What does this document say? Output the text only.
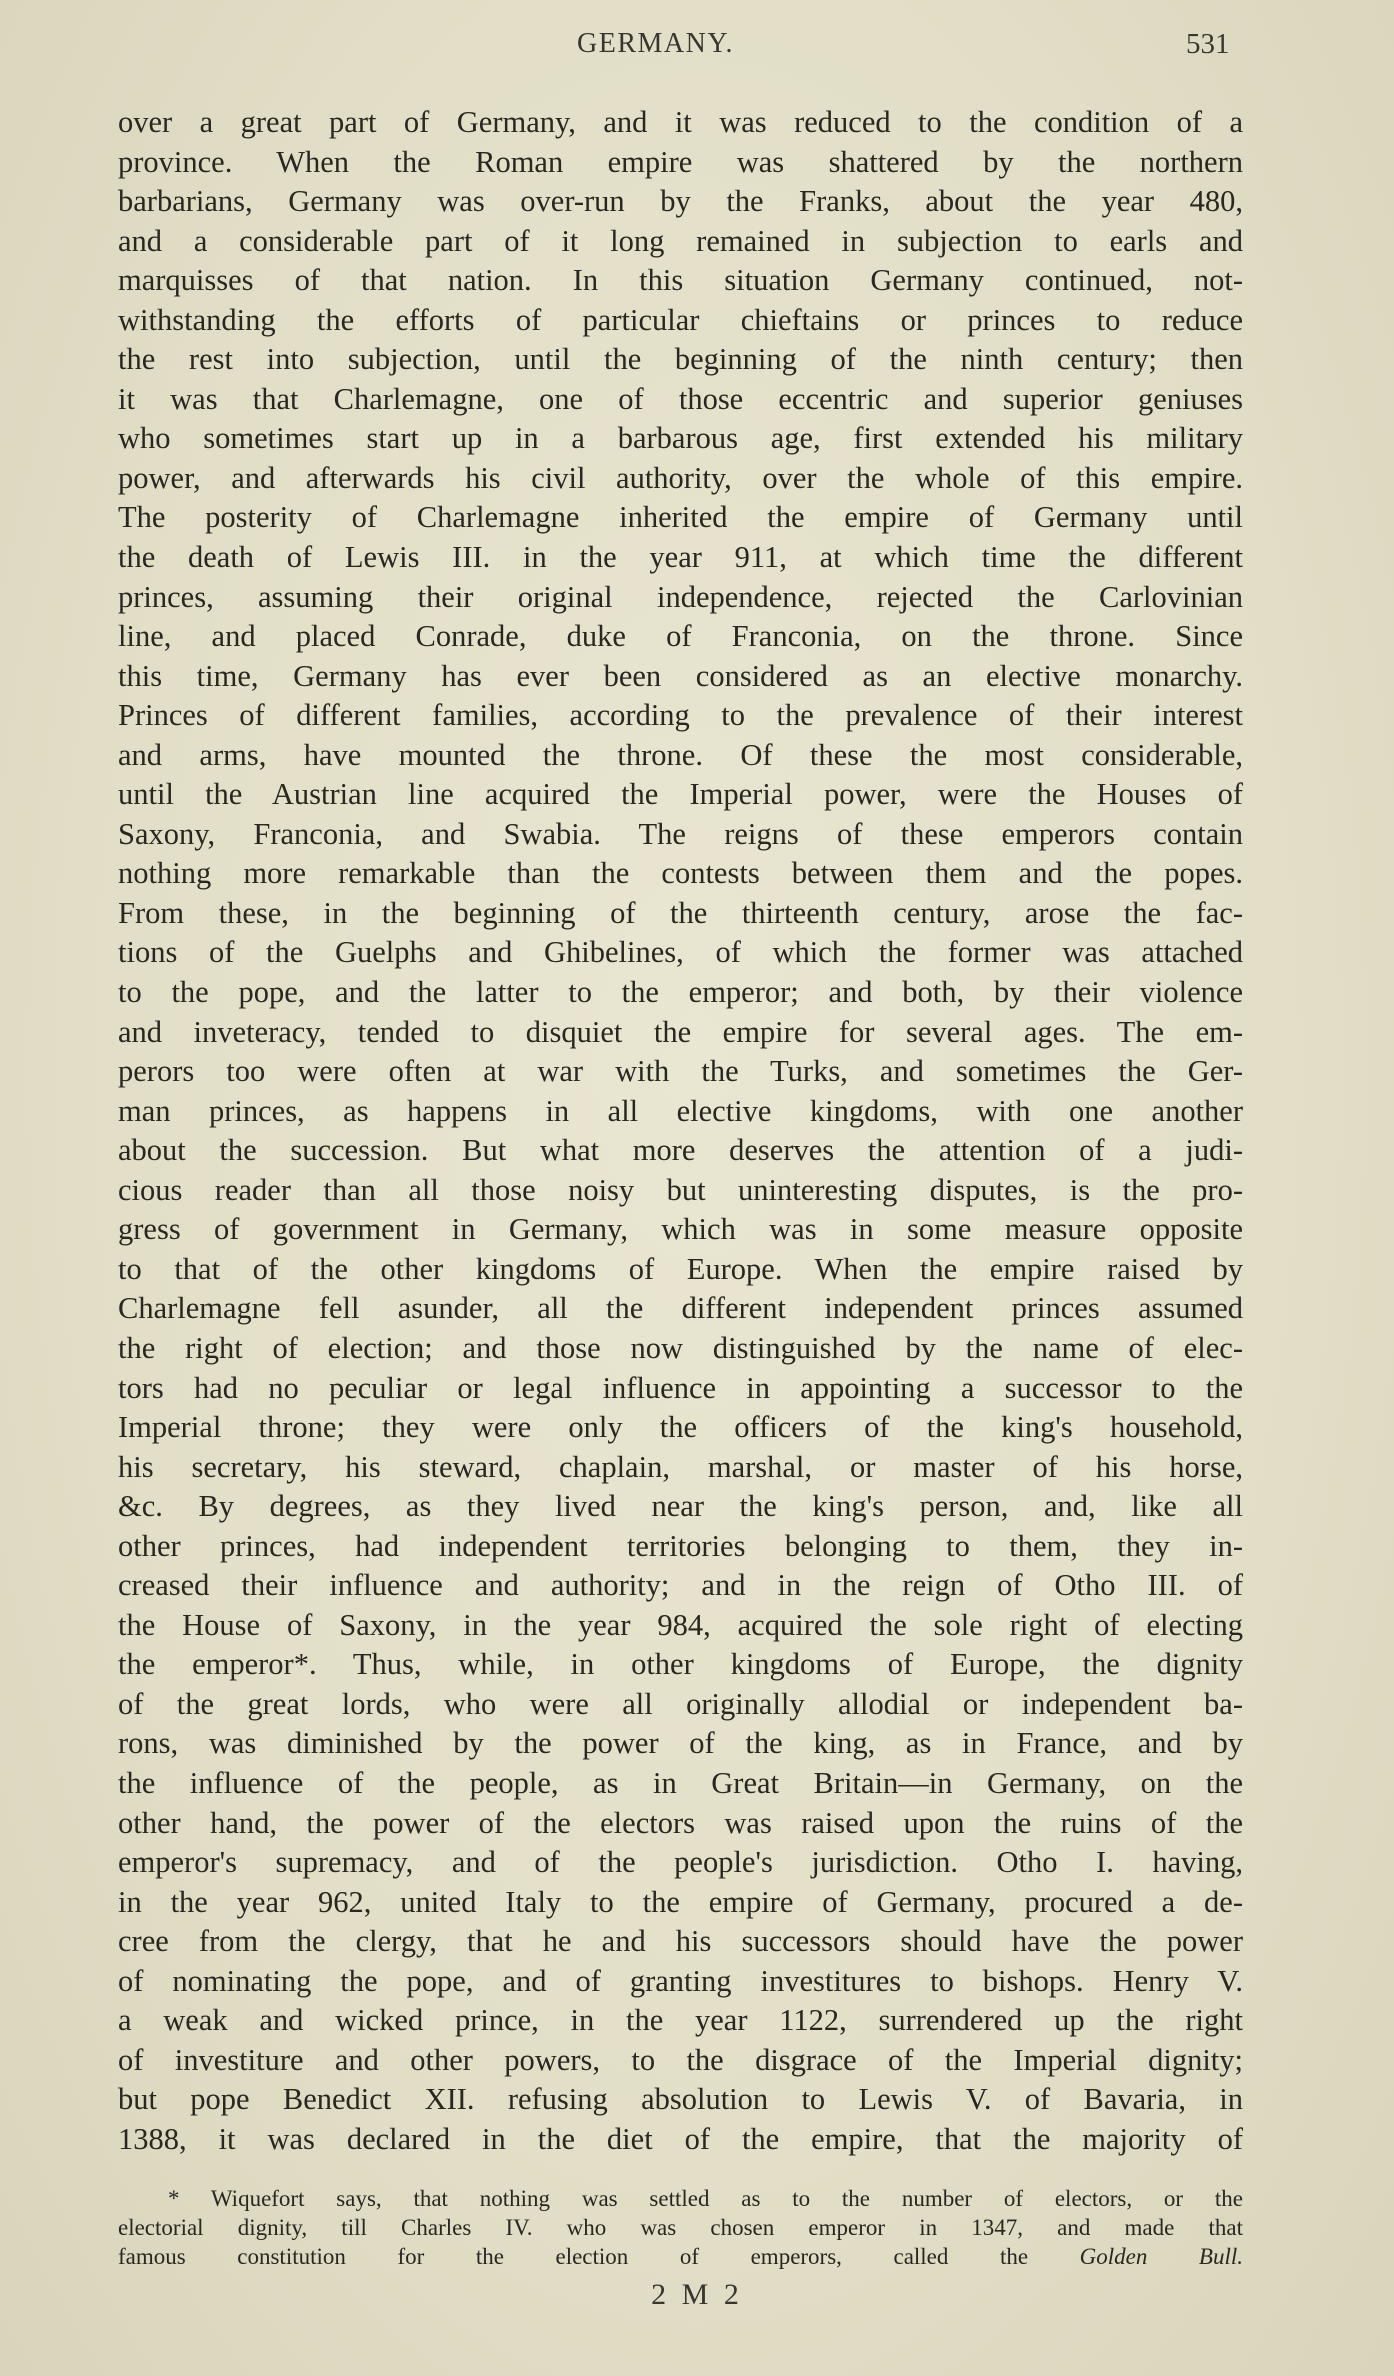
GERMANY.	531
over a great part of Germany, and it was reduced to the condition of a
province. When the Roman empire was shattered by the northern
barbarians, Germany was over-run by the Franks, about the year 480,
and a considerable part of it long remained in subjection to earls and
marquisses of that nation. In this situation Germany continued, not-
withstanding the efforts of particular chieftains or princes to reduce
the rest into subjection, until the beginning of the ninth century; then
it was that Charlemagne, one of those eccentric and superior geniuses
who sometimes start up in a barbarous age, first extended his military
power, and afterwards his civil authority, over the whole of this empire.
The posterity of Charlemagne inherited the empire of Germany until
the death of Lewis III. in the year 911, at which time the different
princes, assuming their original independence, rejected the Carlovinian
line, and placed Conrade, duke of Franconia, on the throne. Since
this time, Germany has ever been considered as an elective monarchy.
Princes of different families, according to the prevalence of their interest
and arms, have mounted the throne. Of these the most considerable,
until the Austrian line acquired the Imperial power, were the Houses of
Saxony, Franconia, and Swabia. The reigns of these emperors contain
nothing more remarkable than the contests between them and the popes.
From these, in the beginning of the thirteenth century, arose the fac-
tions of the Guelphs and Ghibelines, of which the former was attached
to the pope, and the latter to the emperor; and both, by their violence
and inveteracy, tended to disquiet the empire for several ages. The em-
perors too were often at war with the Turks, and sometimes the Ger-
man princes, as happens in all elective kingdoms, with one another
about the succession. But what more deserves the attention of a judi-
cious reader than all those noisy but uninteresting disputes, is the pro-
gress of government in Germany, which was in some measure opposite
to that of the other kingdoms of Europe. When the empire raised by
Charlemagne fell asunder, all the different independent princes assumed
the right of election; and those now distinguished by the name of elec-
tors had no peculiar or legal influence in appointing a successor to the
Imperial throne; they were only the officers of the king's household,
his secretary, his steward, chaplain, marshal, or master of his horse,
&c. By degrees, as they lived near the king's person, and, like all
other princes, had independent territories belonging to them, they in-
creased their influence and authority; and in the reign of Otho III. of
the House of Saxony, in the year 984, acquired the sole right of electing
the emperor*. Thus, while, in other kingdoms of Europe, the dignity
of the great lords, who were all originally allodial or independent ba-
rons, was diminished by the power of the king, as in France, and by
the influence of the people, as in Great Britain—in Germany, on the
other hand, the power of the electors was raised upon the ruins of the
emperor's supremacy, and of the people's jurisdiction. Otho I. having,
in the year 962, united Italy to the empire of Germany, procured a de-
cree from the clergy, that he and his successors should have the power
of nominating the pope, and of granting investitures to bishops. Henry V.
a weak and wicked prince, in the year 1122, surrendered up the right
of investiture and other powers, to the disgrace of the Imperial dignity;
but pope Benedict XII. refusing absolution to Lewis V. of Bavaria, in
1388, it was declared in the diet of the empire, that the majority of
* Wiquefort says, that nothing was settled as to the number of electors, or the
electorial dignity, till Charles IV. who was chosen emperor in 1347, and made that
famous constitution for the election of emperors, called the Golden Bull.
2 M 2
